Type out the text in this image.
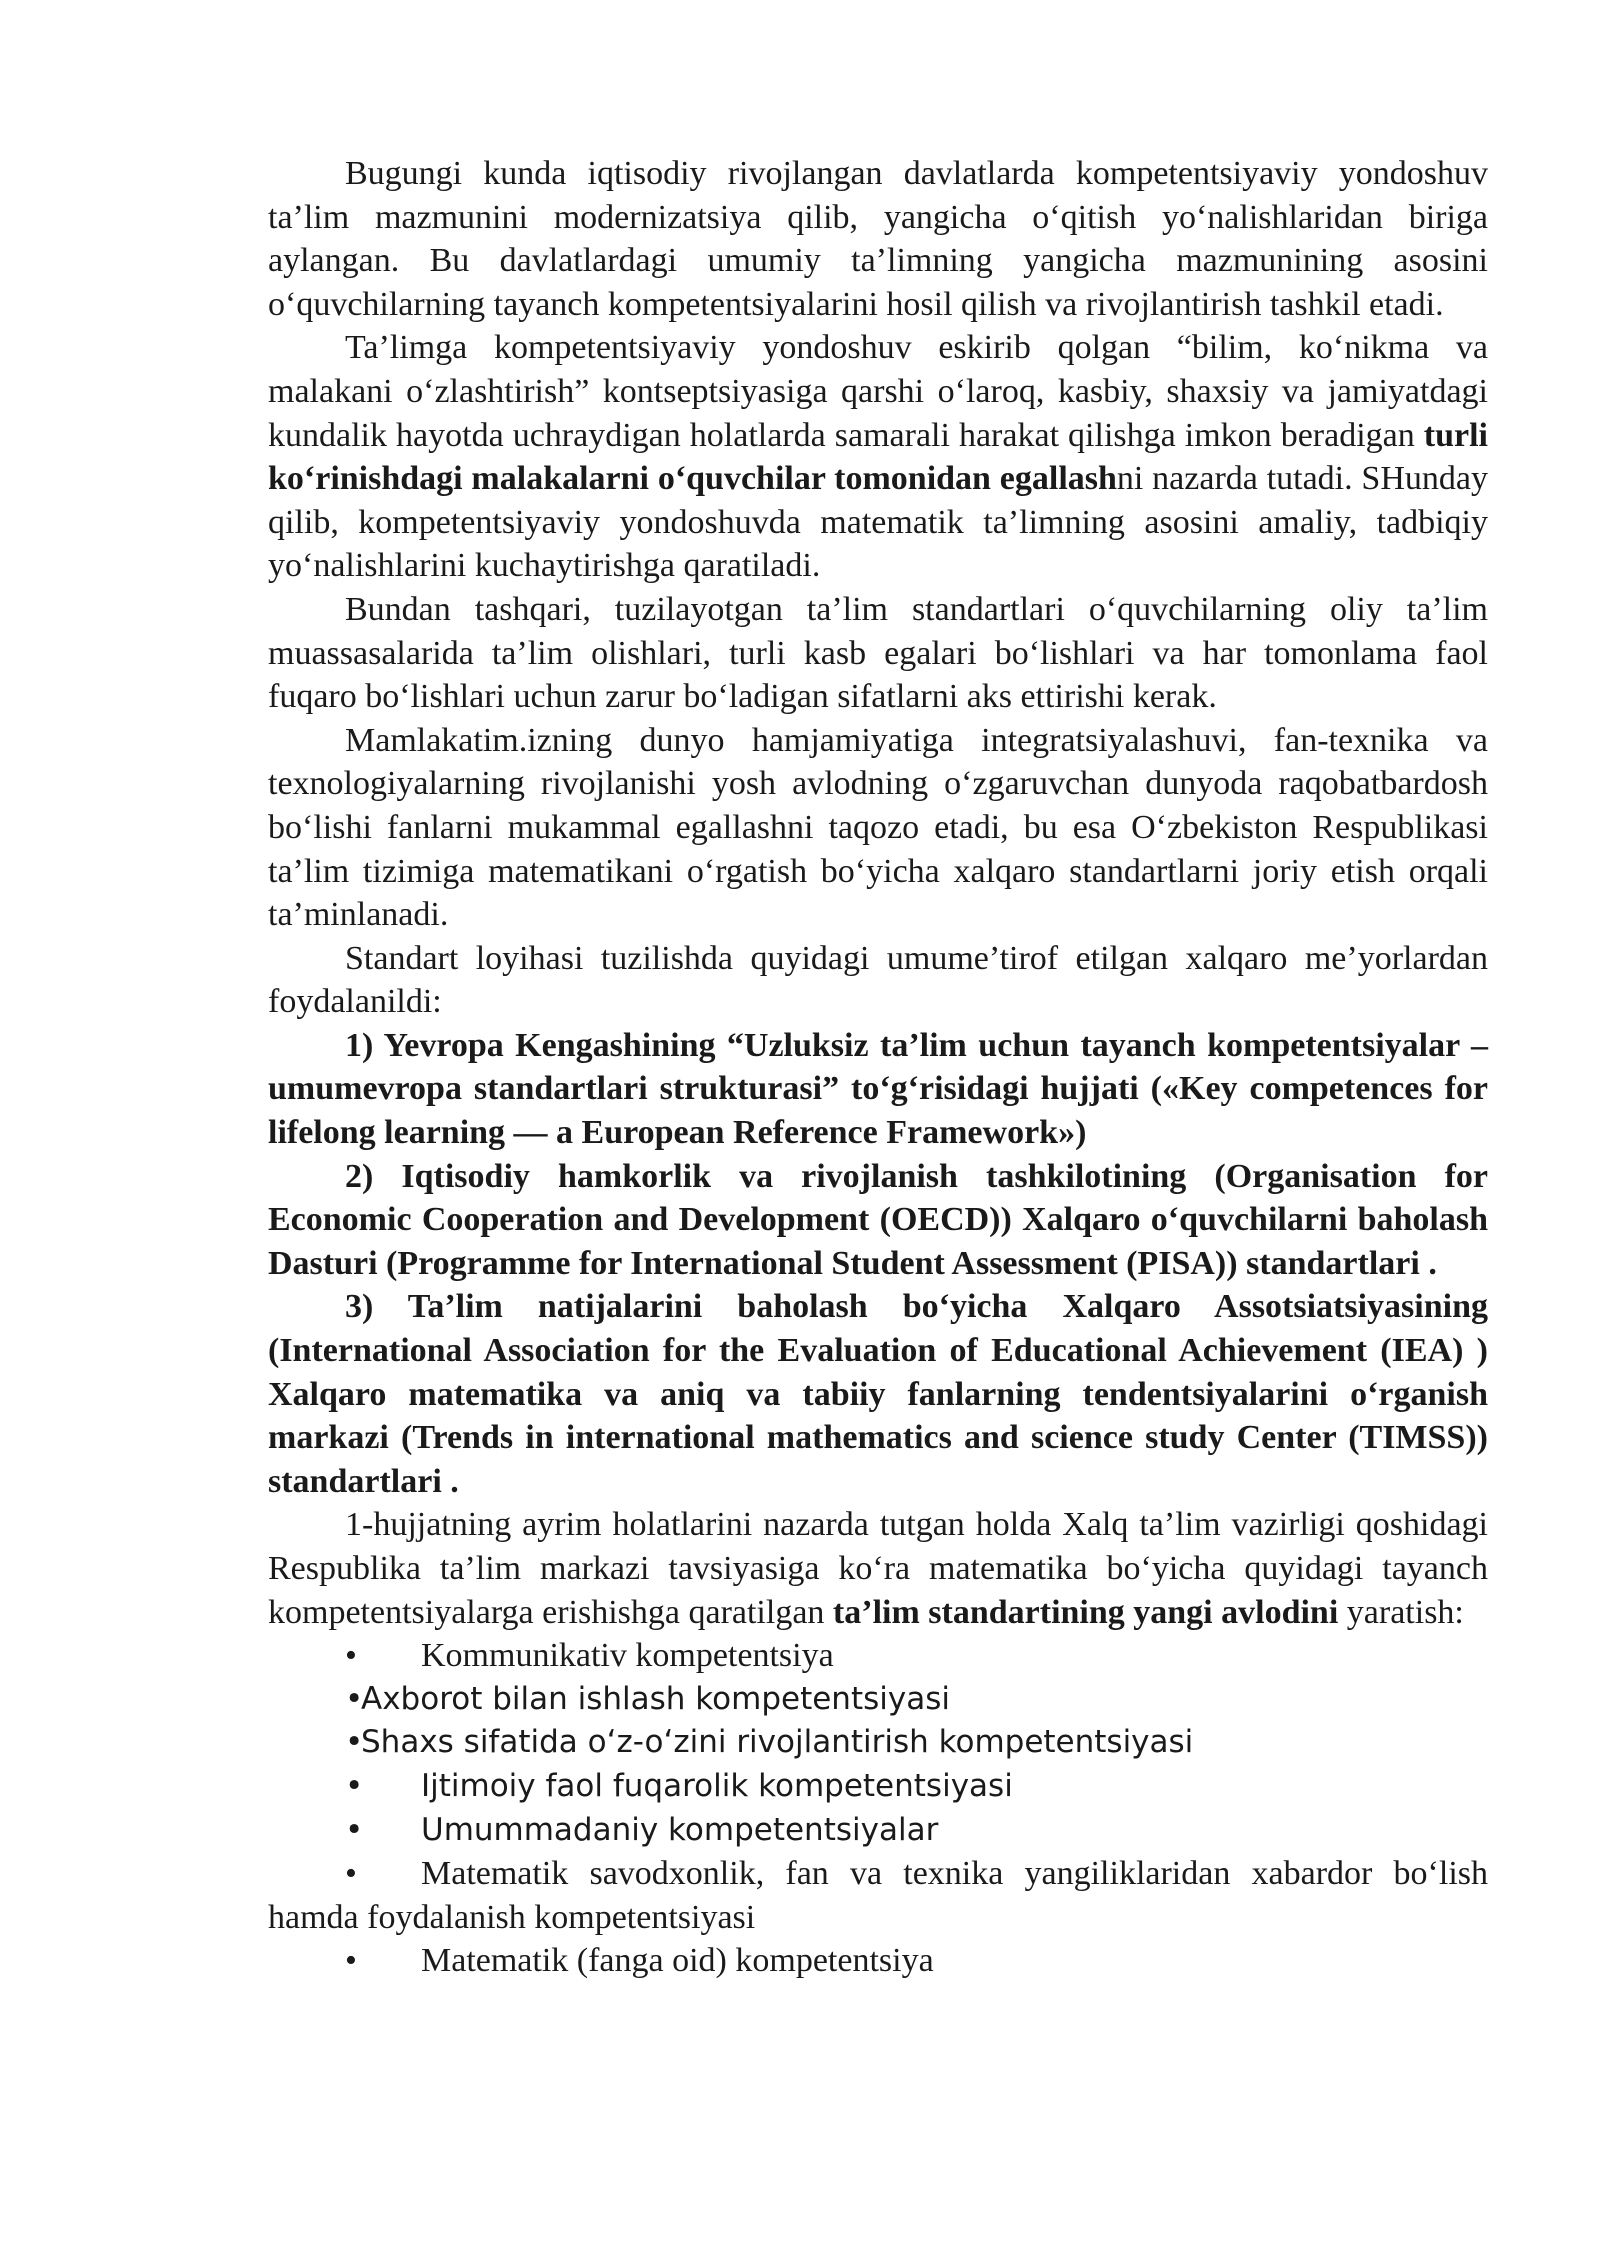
Bugungi kunda iqtisodiy rivojlangan davlatlarda kompetentsiyaviy yondoshuv ta’lim mazmunini modernizatsiya qilib, yangicha o‘qitish yo‘nalishlaridan biriga aylangan. Bu davlatlardagi umumiy ta’limning yangicha mazmunining asosini o‘quvchilarning tayanch kompetentsiyalarini hosil qilish va rivojlantirish tashkil etadi.

Ta’limga kompetentsiyaviy yondoshuv eskirib qolgan “bilim, ko‘nikma va malakani o‘zlashtirish” kontseptsiyasiga qarshi o‘laroq, kasbiy, shaxsiy va jamiyatdagi kundalik hayotda uchraydigan holatlarda samarali harakat qilishga imkon beradigan turli ko‘rinishdagi malakalarni o‘quvchilar tomonidan egallashni nazarda tutadi. SHunday qilib, kompetentsiyaviy yondoshuvda matematik ta’limning asosini amaliy, tadbiqiy yo‘nalishlarini kuchaytirishga qaratiladi.

Bundan tashqari, tuzilayotgan ta’lim standartlari o‘quvchilarning oliy ta’lim muassasalarida ta’lim olishlari, turli kasb egalari bo‘lishlari va har tomonlama faol fuqaro bo‘lishlari uchun zarur bo‘ladigan sifatlarni aks ettirishi kerak.

Mamlakatim.izning dunyo hamjamiyatiga integratsiyalashuvi, fan-texnika va texnologiyalarning rivojlanishi yosh avlodning o‘zgaruvchan dunyoda raqobatbardosh bo‘lishi fanlarni mukammal egallashni taqozo etadi, bu esa O‘zbekiston Respublikasi ta’lim tizimiga matematikani o‘rgatish bo‘yicha xalqaro standartlarni joriy etish orqali ta’minlanadi.

Standart loyihasi tuzilishda quyidagi umume’tirof etilgan xalqaro me’yorlardan foydalanildi:

1) Yevropa Kengashining “Uzluksiz ta’lim uchun tayanch kompetentsiyalar – umumevropa standartlari strukturasi” to‘g‘risidagi hujjati («Key competences for lifelong learning — a European Reference Framework»)

2) Iqtisodiy hamkorlik va rivojlanish tashkilotining (Organisation for Economic Cooperation and Development (OECD)) Xalqaro o‘quvchilarni baholash Dasturi (Programme for International Student Assessment (PISA)) standartlari .

3) Ta’lim natijalarini baholash bo‘yicha Xalqaro Assotsiatsiyasining (International Association for the Evaluation of Educational Achievement (IEA) ) Xalqaro matematika va aniq va tabiiy fanlarning tendentsiyalarini o‘rganish markazi (Trends in international mathematics and science study Center (TIMSS)) standartlari .

1-hujjatning ayrim holatlarini nazarda tutgan holda Xalq ta’lim vazirligi qoshidagi Respublika ta’lim markazi tavsiyasiga ko‘ra matematika bo‘yicha quyidagi tayanch kompetentsiyalarga erishishga qaratilgan ta’lim standartining yangi avlodini yaratish:

• Kommunikativ kompetentsiya

•Axborot bilan ishlash kompetentsiyasi

•Shaxs sifatida o‘z-o‘zini rivojlantirish kompetentsiyasi

• Ijtimoiy faol fuqarolik kompetentsiyasi

• Umummadaniy kompetentsiyalar

• Matematik savodxonlik, fan va texnika yangiliklaridan xabardor bo‘lish hamda foydalanish kompetentsiyasi

• Matematik (fanga oid) kompetentsiya
